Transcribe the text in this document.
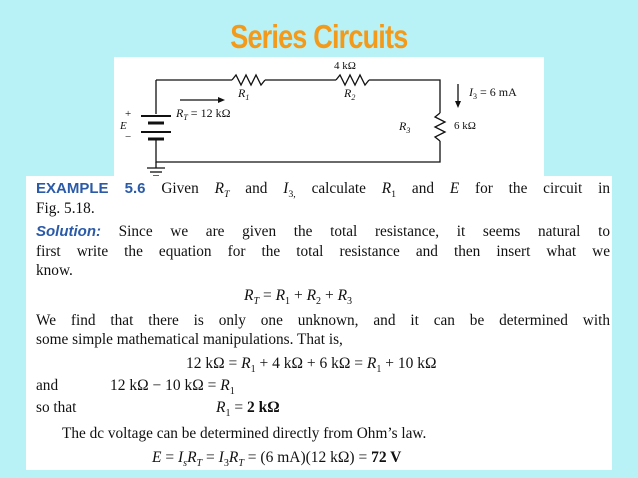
Series Circuits
$R_1$
4 kΩ
$R_2$	$I_3 = 6$ mA
$R_3$	6 kΩ
$R_T = 12$ kΩ
+
E
−

EXAMPLE 5.6 Given $R_T$ and $I_{3,}$ calculate $R_1$ and E for the circuit in

Fig. 5.18.

Solution: Since we are given the total resistance, it seems natural to

first write the equation for the total resistance and then insert what we

know.

$R_T = R_1 + R_2 + R_3$

We find that there is only one unknown, and it can be determined with

some simple mathematical manipulations. That is,

12 $k\Omega = R_1 + 4$ kΩ + 6 $k\Omega = R_1 + 10$ kΩ
and	12 kΩ − 10 $k\Omega = R_1$
so that	$R_1 = 2$ kΩ

The dc voltage can be determined directly from Ohm’s law.

$E = I_sR_T = I_3R_T = (6$ mA)(12 kΩ) = 72 V
